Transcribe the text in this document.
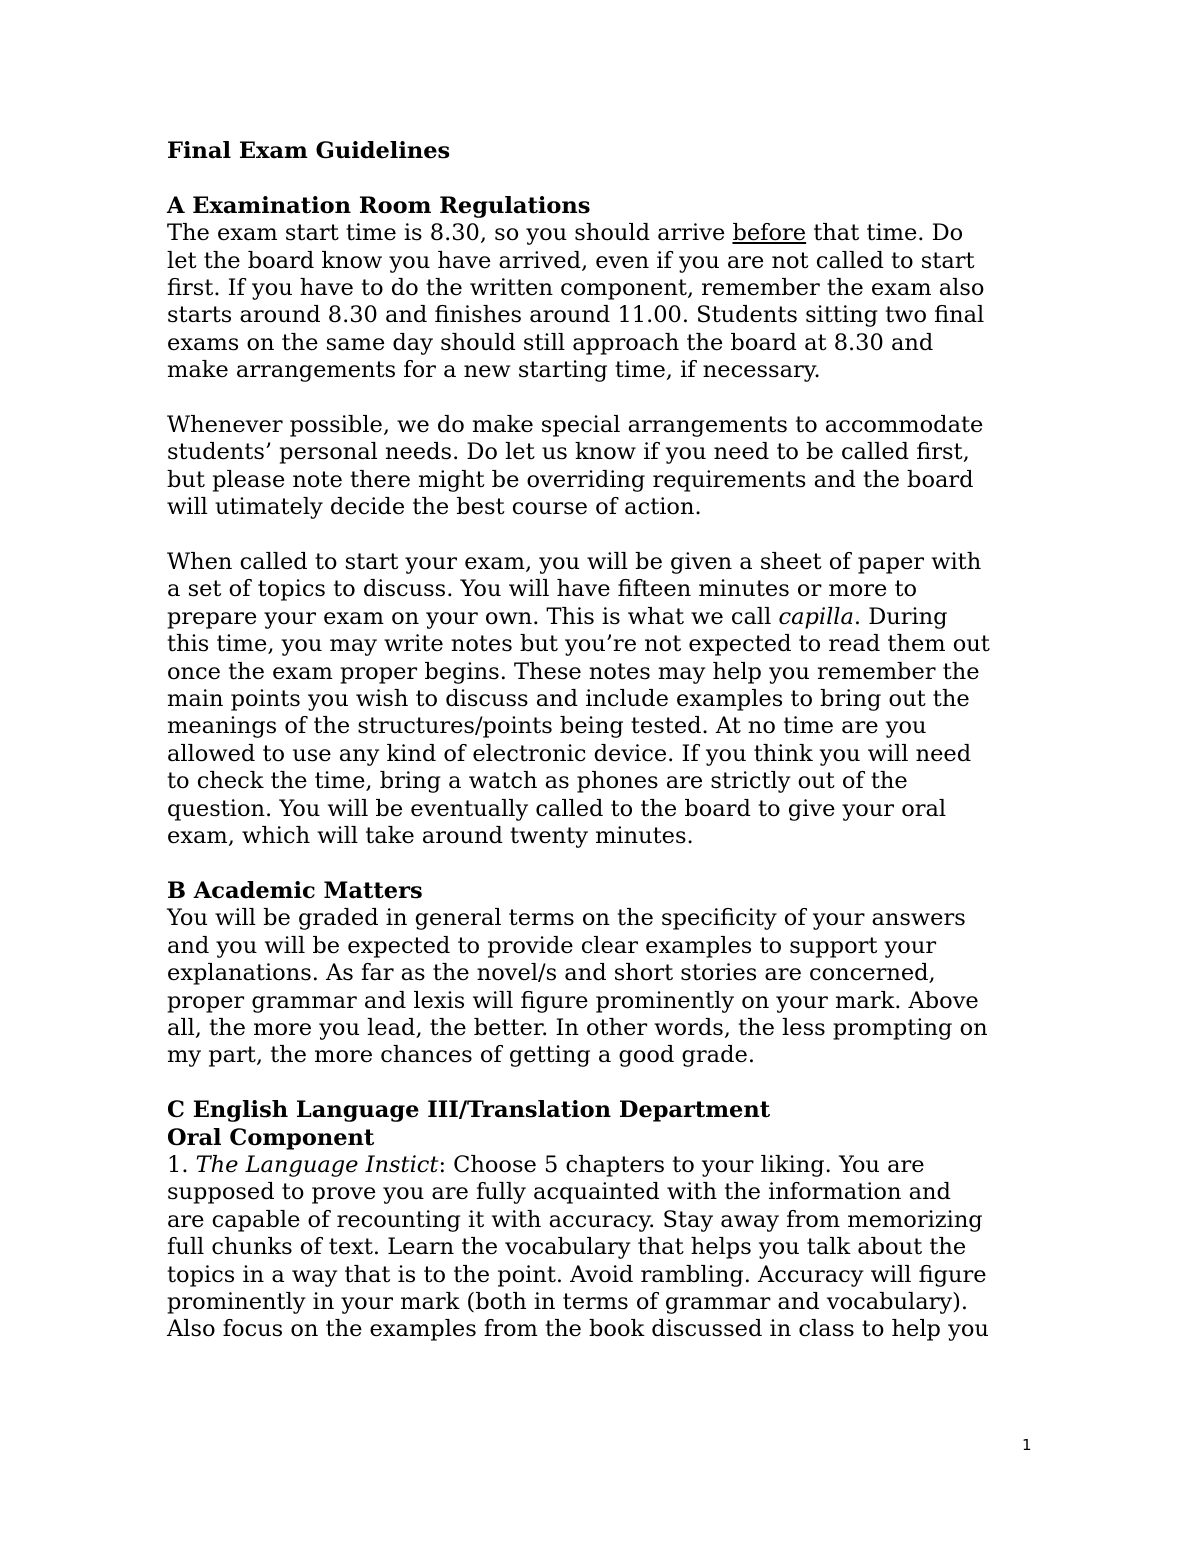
Final Exam Guidelines
A Examination Room Regulations
The exam start time is 8.30, so you should arrive before that time. Do
let the board know you have arrived, even if you are not called to start
first. If you have to do the written component, remember the exam also
starts around 8.30 and finishes around 11.00. Students sitting two final
exams on the same day should still approach the board at 8.30 and
make arrangements for a new starting time, if necessary.
Whenever possible, we do make special arrangements to accommodate
students’ personal needs. Do let us know if you need to be called first,
but please note there might be overriding requirements and the board
will utimately decide the best course of action.
When called to start your exam, you will be given a sheet of paper with
a set of topics to discuss. You will have fifteen minutes or more to
prepare your exam on your own. This is what we call capilla. During
this time, you may write notes but you’re not expected to read them out
once the exam proper begins. These notes may help you remember the
main points you wish to discuss and include examples to bring out the
meanings of the structures/points being tested. At no time are you
allowed to use any kind of electronic device. If you think you will need
to check the time, bring a watch as phones are strictly out of the
question. You will be eventually called to the board to give your oral
exam, which will take around twenty minutes.
B Academic Matters
You will be graded in general terms on the specificity of your answers
and you will be expected to provide clear examples to support your
explanations. As far as the novel/s and short stories are concerned,
proper grammar and lexis will figure prominently on your mark. Above
all, the more you lead, the better. In other words, the less prompting on
my part, the more chances of getting a good grade.
C English Language III/Translation Department
Oral Component
1. The Language Instict: Choose 5 chapters to your liking. You are
supposed to prove you are fully acquainted with the information and
are capable of recounting it with accuracy. Stay away from memorizing
full chunks of text. Learn the vocabulary that helps you talk about the
topics in a way that is to the point. Avoid rambling. Accuracy will figure
prominently in your mark (both in terms of grammar and vocabulary).
Also focus on the examples from the book discussed in class to help you
1
